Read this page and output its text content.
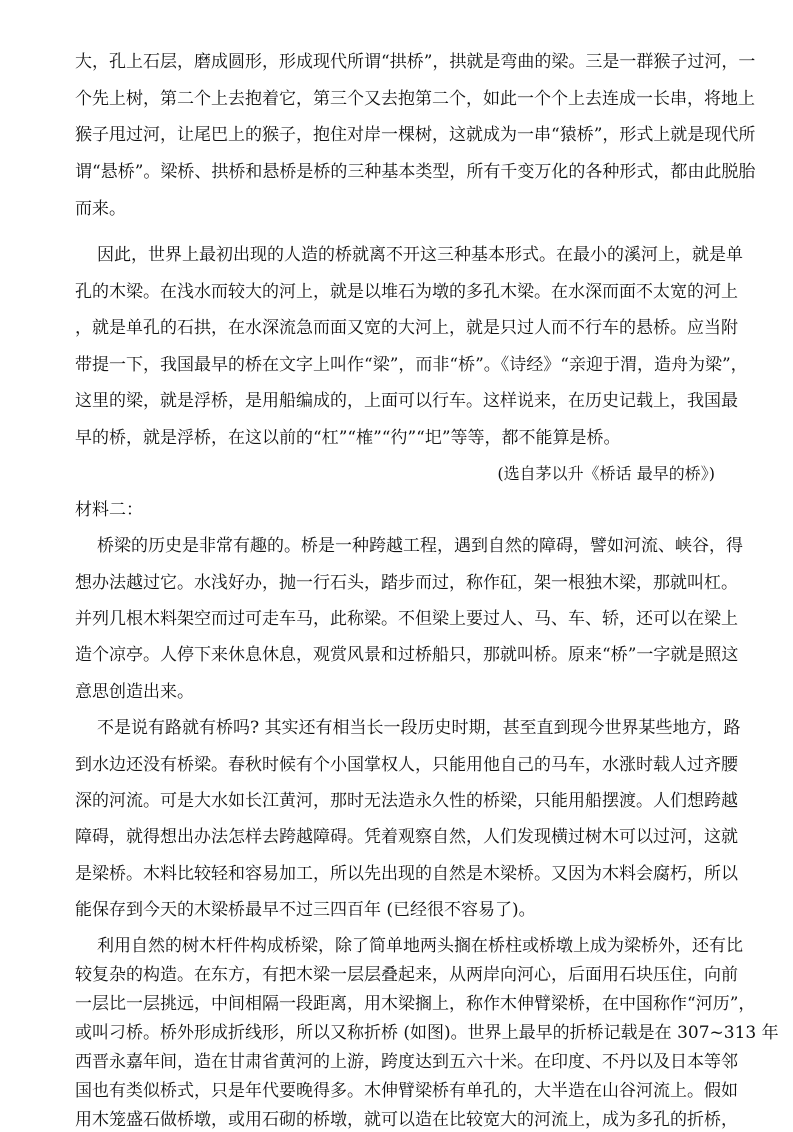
大，孔上石层，磨成圆形，形成现代所谓“拱桥”，拱就是弯曲的梁。三是一群猴子过河，一
个先上树，第二个上去抱着它，第三个又去抱第二个，如此一个个上去连成一长串，将地上
猴子甩过河，让尾巴上的猴子，抱住对岸一棵树，这就成为一串“猿桥”，形式上就是现代所
谓“悬桥”。梁桥、拱桥和悬桥是桥的三种基本类型，所有千变万化的各种形式，都由此脱胎
而来。
因此，世界上最初出现的人造的桥就离不开这三种基本形式。在最小的溪河上，就是单
孔的木梁。在浅水而较大的河上，就是以堆石为墩的多孔木梁。在水深而面不太宽的河上
，就是单孔的石拱，在水深流急而面又宽的大河上，就是只过人而不行车的悬桥。应当附
带提一下，我国最早的桥在文字上叫作“梁”，而非“桥”。《诗经》“亲迎于渭，造舟为梁”，
这里的梁，就是浮桥，是用船编成的，上面可以行车。这样说来，在历史记载上，我国最
早的桥，就是浮桥，在这以前的“杠”“榷”“彴”“圯”等等，都不能算是桥。
(选自茅以升《桥话 最早的桥》)
材料二：
桥梁的历史是非常有趣的。桥是一种跨越工程，遇到自然的障碍，譬如河流、峡谷，得
想办法越过它。水浅好办，抛一行石头，踏步而过，称作矼，架一根独木梁，那就叫杠。
并列几根木料架空而过可走车马，此称梁。不但梁上要过人、马、车、轿，还可以在梁上
造个凉亭。人停下来休息休息，观赏风景和过桥船只，那就叫桥。原来“桥”一字就是照这
意思创造出来。
不是说有路就有桥吗? 其实还有相当长一段历史时期，甚至直到现今世界某些地方，路
到水边还没有桥梁。春秋时候有个小国掌权人，只能用他自己的马车，水涨时载人过齐腰
深的河流。可是大水如长江黄河，那时无法造永久性的桥梁，只能用船摆渡。人们想跨越
障碍，就得想出办法怎样去跨越障碍。凭着观察自然，人们发现横过树木可以过河，这就
是梁桥。木料比较轻和容易加工，所以先出现的自然是木梁桥。又因为木料会腐朽，所以
能保存到今天的木梁桥最早不过三四百年 (已经很不容易了)。
利用自然的树木杆件构成桥梁，除了简单地两头搁在桥柱或桥墩上成为梁桥外，还有比
较复杂的构造。在东方，有把木梁一层层叠起来，从两岸向河心，后面用石块压住，向前
一层比一层挑远，中间相隔一段距离，用木梁搁上，称作木伸臂梁桥，在中国称作“河历”，
或叫刁桥。桥外形成折线形，所以又称折桥 (如图)。世界上最早的折桥记载是在 307~313 年
西晋永嘉年间，造在甘肃省黄河的上游，跨度达到五六十米。在印度、不丹以及日本等邻
国也有类似桥式，只是年代要晚得多。木伸臂梁桥有单孔的，大半造在山谷河流上。假如
用木笼盛石做桥墩，或用石砌的桥墩，就可以造在比较宽大的河流上，成为多孔的折桥，
